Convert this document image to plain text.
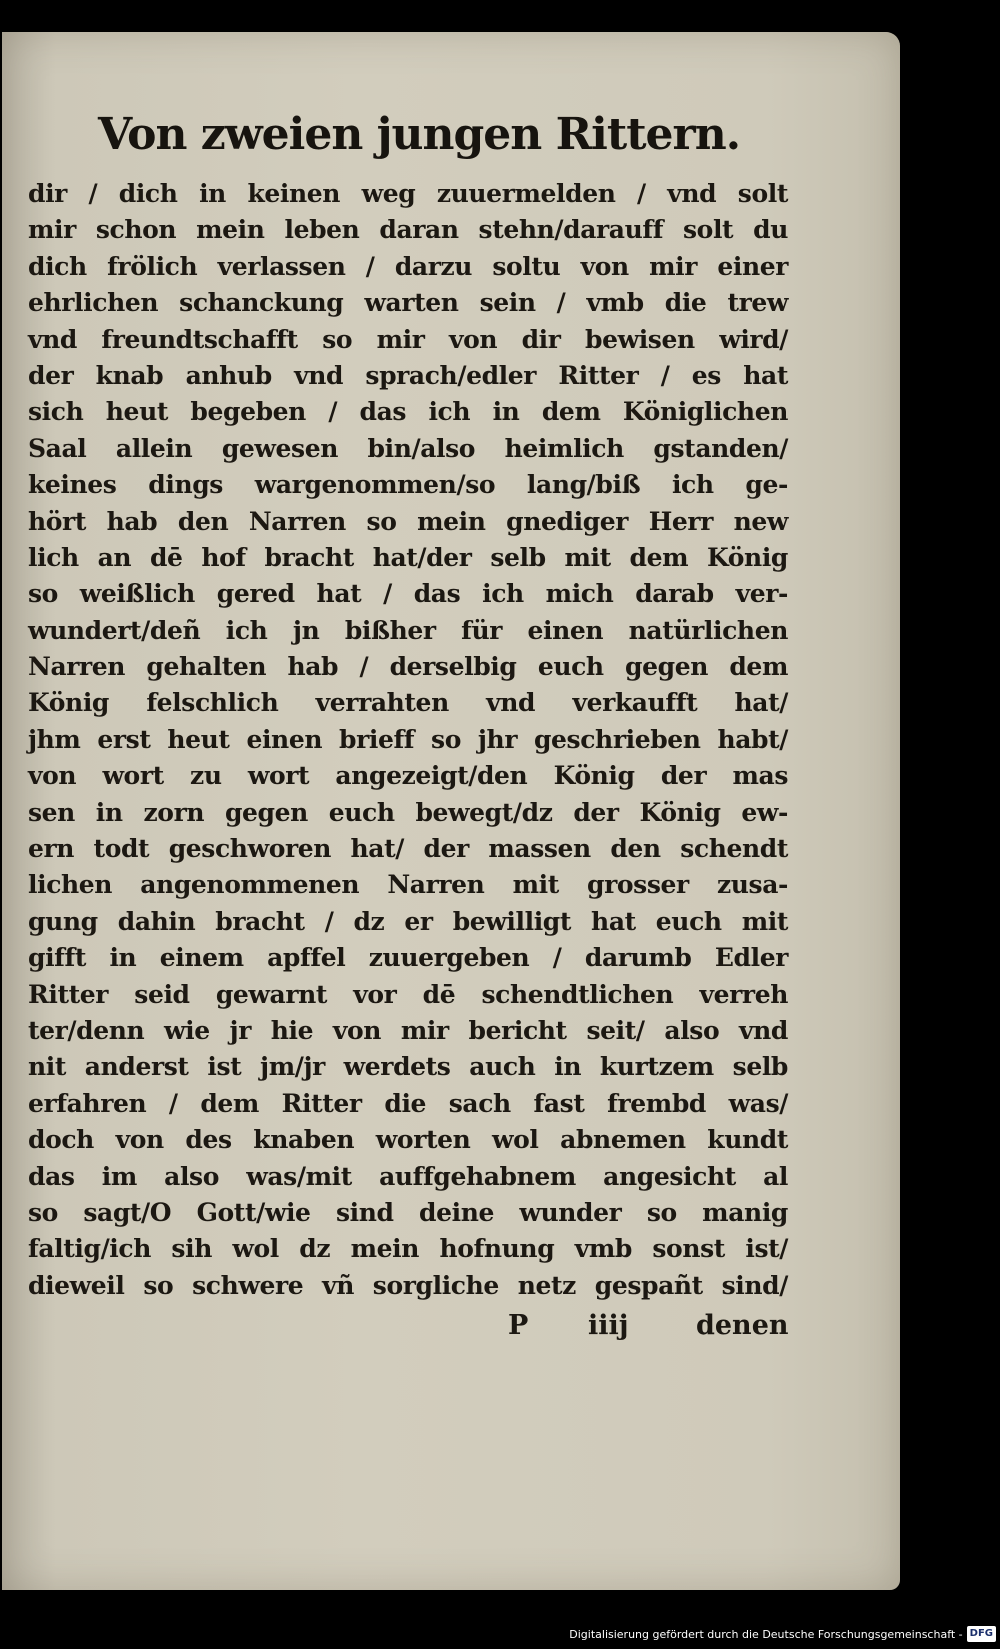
Von zweien jungen Rittern.
dir / dich in keinen weg zuuermelden / vnd solt
mir schon mein leben daran stehn/darauff solt du
dich frölich verlassen / darzu soltu von mir einer
ehrlichen schanckung warten sein / vmb die trew
vnd freundtschafft so mir von dir bewisen wird/
der knab anhub vnd sprach/edler Ritter / es hat
sich heut begeben / das ich in dem Königlichen
Saal allein gewesen bin/also heimlich gstanden/
keines dings wargenommen/so lang/biß ich ge-
hört hab den Narren so mein gnediger Herr new
lich an dē hof bracht hat/der selb mit dem König
so weißlich gered hat / das ich mich darab ver-
wundert/deñ ich jn bißher für einen natürlichen
Narren gehalten hab / derselbig euch gegen dem
König felschlich verrahten vnd verkaufft hat/
jhm erst heut einen brieff so jhr geschrieben habt/
von wort zu wort angezeigt/den König der mas
sen in zorn gegen euch bewegt/dz der König ew-
ern todt geschworen hat/ der massen den schendt
lichen angenommenen Narren mit grosser zusa-
gung dahin bracht / dz er bewilligt hat euch mit
gifft in einem apffel zuuergeben / darumb Edler
Ritter seid gewarnt vor dē schendtlichen verreh
ter/denn wie jr hie von mir bericht seit/ also vnd
nit anderst ist jm/jr werdets auch in kurtzem selb
erfahren / dem Ritter die sach fast frembd was/
doch von des knaben worten wol abnemen kundt
das im also was/mit auffgehabnem angesicht al
so sagt/O Gott/wie sind deine wunder so manig
faltig/ich sih wol dz mein hofnung vmb sonst ist/
dieweil so schwere vñ sorgliche netz gespañt sind/
P iiij denen
Digitalisierung gefördert durch die Deutsche Forschungsgemeinschaft - DFG
